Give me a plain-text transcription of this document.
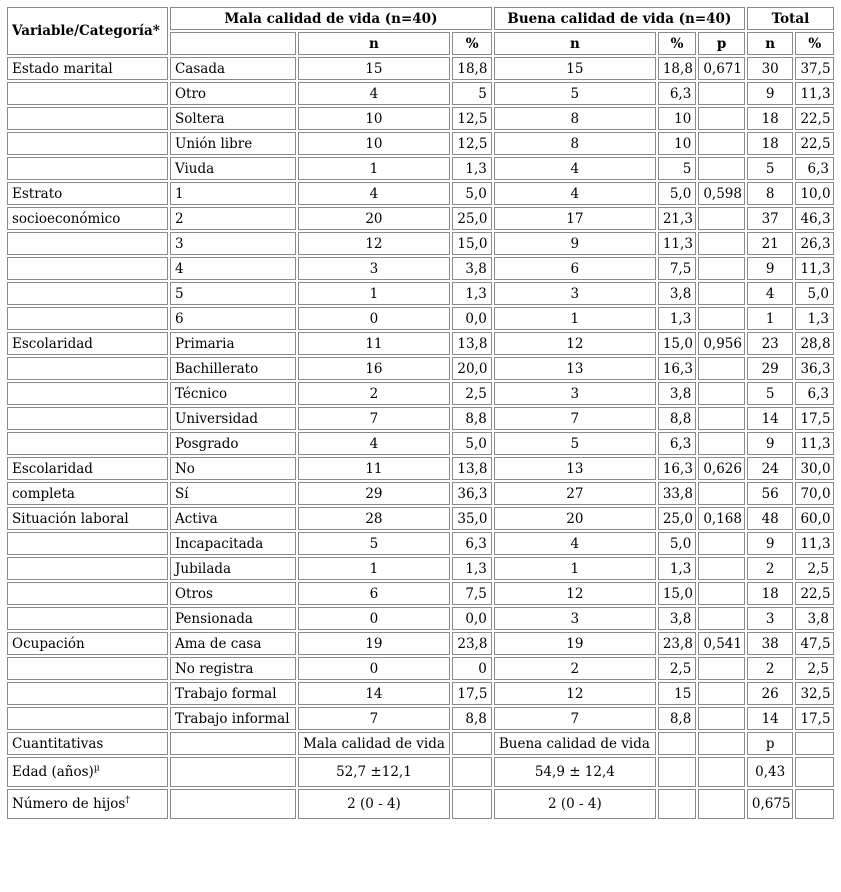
Variable/Categoría*	Mala calidad de vida (n=40)			Buena calidad de vida (n=40)			Total	
		n	%	n	%	p	n	%
Estado marital	Casada	15	18,8	15	18,8	0,671	30	37,5
	Otro	4	5	5	6,3		9	11,3
	Soltera	10	12,5	8	10		18	22,5
	Unión libre	10	12,5	8	10		18	22,5
	Viuda	1	1,3	4	5		5	6,3
Estrato	1	4	5,0	4	5,0	0,598	8	10,0
socioeconómico	2	20	25,0	17	21,3		37	46,3
	3	12	15,0	9	11,3		21	26,3
	4	3	3,8	6	7,5		9	11,3
	5	1	1,3	3	3,8		4	5,0
	6	0	0,0	1	1,3		1	1,3
Escolaridad	Primaria	11	13,8	12	15,0	0,956	23	28,8
	Bachillerato	16	20,0	13	16,3		29	36,3
	Técnico	2	2,5	3	3,8		5	6,3
	Universidad	7	8,8	7	8,8		14	17,5
	Posgrado	4	5,0	5	6,3		9	11,3
Escolaridad	No	11	13,8	13	16,3	0,626	24	30,0
completa	Sí	29	36,3	27	33,8		56	70,0
Situación laboral	Activa	28	35,0	20	25,0	0,168	48	60,0
	Incapacitada	5	6,3	4	5,0		9	11,3
	Jubilada	1	1,3	1	1,3		2	2,5
	Otros	6	7,5	12	15,0		18	22,5
	Pensionada	0	0,0	3	3,8		3	3,8
Ocupación	Ama de casa	19	23,8	19	23,8	0,541	38	47,5
	No registra	0	0	2	2,5		2	2,5
	Trabajo formal	14	17,5	12	15		26	32,5
	Trabajo informal	7	8,8	7	8,8		14	17,5
Cuantitativas		Mala calidad de vida		Buena calidad de vida			p	
Edad (años)$^\mu$		52,7 ±12,1		54,9 ± 12,4			0,43	
Número de hijos†		2 (0 - 4)		2 (0 - 4)			0,675	
